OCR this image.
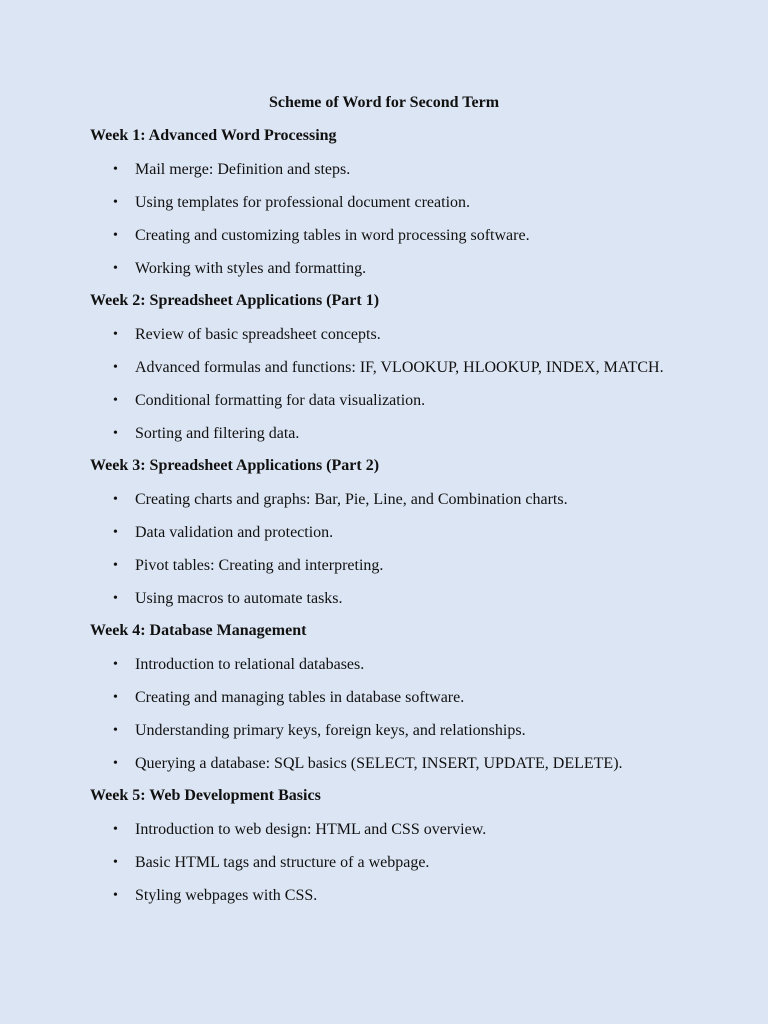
Scheme of Word for Second Term
Week 1: Advanced Word Processing
• Mail merge: Definition and steps.
• Using templates for professional document creation.
• Creating and customizing tables in word processing software.
• Working with styles and formatting.
Week 2: Spreadsheet Applications (Part 1)
• Review of basic spreadsheet concepts.
• Advanced formulas and functions: IF, VLOOKUP, HLOOKUP, INDEX, MATCH.
• Conditional formatting for data visualization.
• Sorting and filtering data.
Week 3: Spreadsheet Applications (Part 2)
• Creating charts and graphs: Bar, Pie, Line, and Combination charts.
• Data validation and protection.
• Pivot tables: Creating and interpreting.
• Using macros to automate tasks.
Week 4: Database Management
• Introduction to relational databases.
• Creating and managing tables in database software.
• Understanding primary keys, foreign keys, and relationships.
• Querying a database: SQL basics (SELECT, INSERT, UPDATE, DELETE).
Week 5: Web Development Basics
• Introduction to web design: HTML and CSS overview.
• Basic HTML tags and structure of a webpage.
• Styling webpages with CSS.
